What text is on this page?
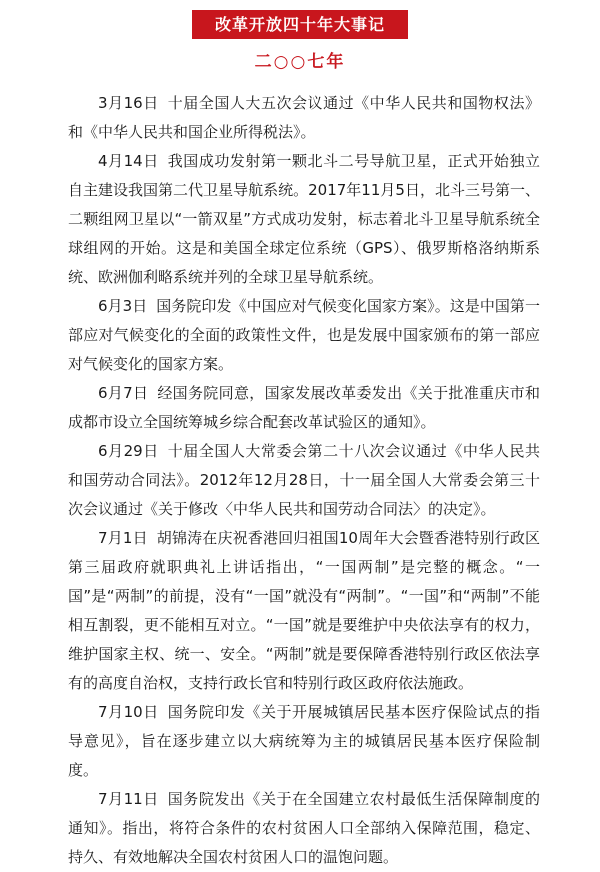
改革开放四十年大事记
二○○七年

3月16日 十届全国人大五次会议通过《中华人民共和国物权法》和《中华人民共和国企业所得税法》。

4月14日 我国成功发射第一颗北斗二号导航卫星，正式开始独立自主建设我国第二代卫星导航系统。2017年11月5日，北斗三号第一、二颗组网卫星以“一箭双星”方式成功发射，标志着北斗卫星导航系统全球组网的开始。这是和美国全球定位系统（GPS）、俄罗斯格洛纳斯系统、欧洲伽利略系统并列的全球卫星导航系统。

6月3日 国务院印发《中国应对气候变化国家方案》。这是中国第一部应对气候变化的全面的政策性文件，也是发展中国家颁布的第一部应对气候变化的国家方案。

6月7日 经国务院同意，国家发展改革委发出《关于批准重庆市和成都市设立全国统筹城乡综合配套改革试验区的通知》。

6月29日 十届全国人大常委会第二十八次会议通过《中华人民共和国劳动合同法》。2012年12月28日，十一届全国人大常委会第三十次会议通过《关于修改〈中华人民共和国劳动合同法〉的决定》。

7月1日 胡锦涛在庆祝香港回归祖国10周年大会暨香港特别行政区第三届政府就职典礼上讲话指出，“一国两制”是完整的概念。“一国”是“两制”的前提，没有“一国”就没有“两制”。“一国”和“两制”不能相互割裂，更不能相互对立。“一国”就是要维护中央依法享有的权力，维护国家主权、统一、安全。“两制”就是要保障香港特别行政区依法享有的高度自治权，支持行政长官和特别行政区政府依法施政。

7月10日 国务院印发《关于开展城镇居民基本医疗保险试点的指导意见》，旨在逐步建立以大病统筹为主的城镇居民基本医疗保险制度。

7月11日 国务院发出《关于在全国建立农村最低生活保障制度的通知》。指出，将符合条件的农村贫困人口全部纳入保障范围，稳定、持久、有效地解决全国农村贫困人口的温饱问题。
